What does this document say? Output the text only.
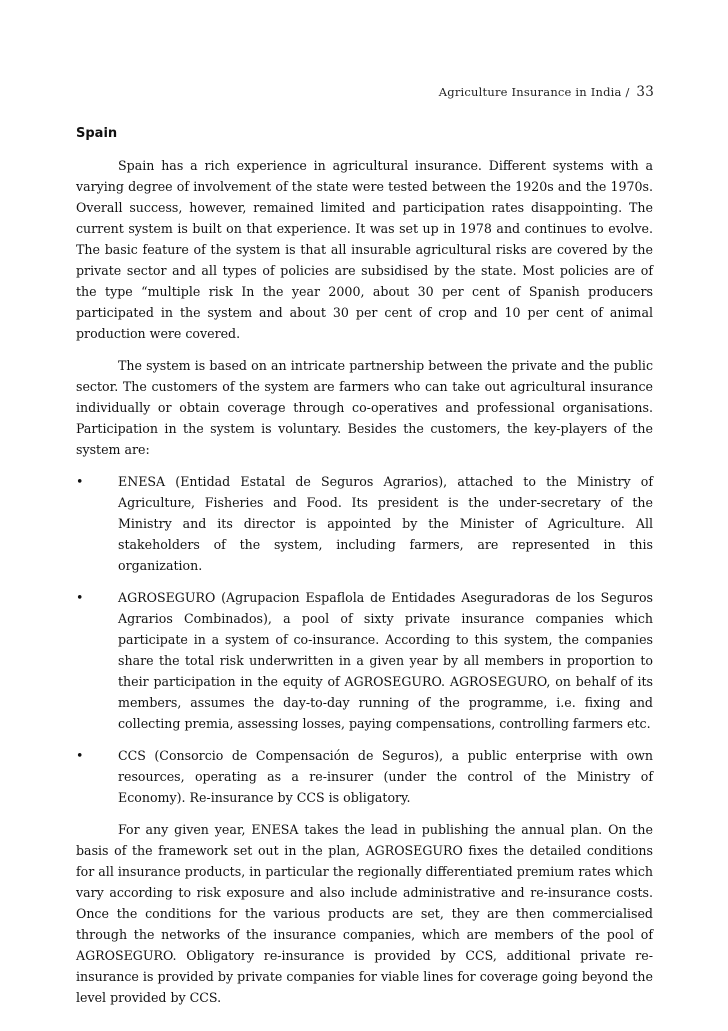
Agriculture Insurance in India / 33
Spain

Spain has a rich experience in agricultural insurance. Different systems with a varying degree of involvement of the state were tested between the 1920s and the 1970s. Overall success, however, remained limited and participation rates disappointing. The current system is built on that experience. It was set up in 1978 and continues to evolve. The basic feature of the system is that all insurable agricultural risks are covered by the private sector and all types of policies are subsidised by the state. Most policies are of the type “multiple risk In the year 2000, about 30 per cent of Spanish producers participated in the system and about 30 per cent of crop and 10 per cent of animal production were covered.

The system is based on an intricate partnership between the private and the public sector. The customers of the system are farmers who can take out agricultural insurance individually or obtain coverage through co-operatives and professional organisations. Participation in the system is voluntary. Besides the customers, the key-players of the system are:

•	ENESA (Entidad Estatal de Seguros Agrarios), attached to the Ministry of Agriculture, Fisheries and Food. Its president is the under-secretary of the Ministry and its director is appointed by the Minister of Agriculture. All stakeholders of the system, including farmers, are represented in this organization.
•	AGROSEGURO (Agrupacion Espaflola de Entidades Aseguradoras de los Seguros Agrarios Combinados), a pool of sixty private insurance companies which participate in a system of co-insurance. According to this system, the companies share the total risk underwritten in a given year by all members in proportion to their participation in the equity of AGROSEGURO. AGROSEGURO, on behalf of its members, assumes the day-to-day running of the programme, i.e. fixing and collecting premia, assessing losses, paying compensations, controlling farmers etc.
•	CCS (Consorcio de Compensación de Seguros), a public enterprise with own resources, operating as a re-insurer (under the control of the Ministry of Economy). Re-insurance by CCS is obligatory.

For any given year, ENESA takes the lead in publishing the annual plan. On the basis of the framework set out in the plan, AGROSEGURO fixes the detailed conditions for all insurance products, in particular the regionally differentiated premium rates which vary according to risk exposure and also include administrative and re-insurance costs. Once the conditions for the various products are set, they are then commercialised through the networks of the insurance companies, which are members of the pool of AGROSEGURO. Obligatory re-insurance is provided by CCS, additional private re-insurance is provided by private companies for viable lines for coverage going beyond the level provided by CCS.
